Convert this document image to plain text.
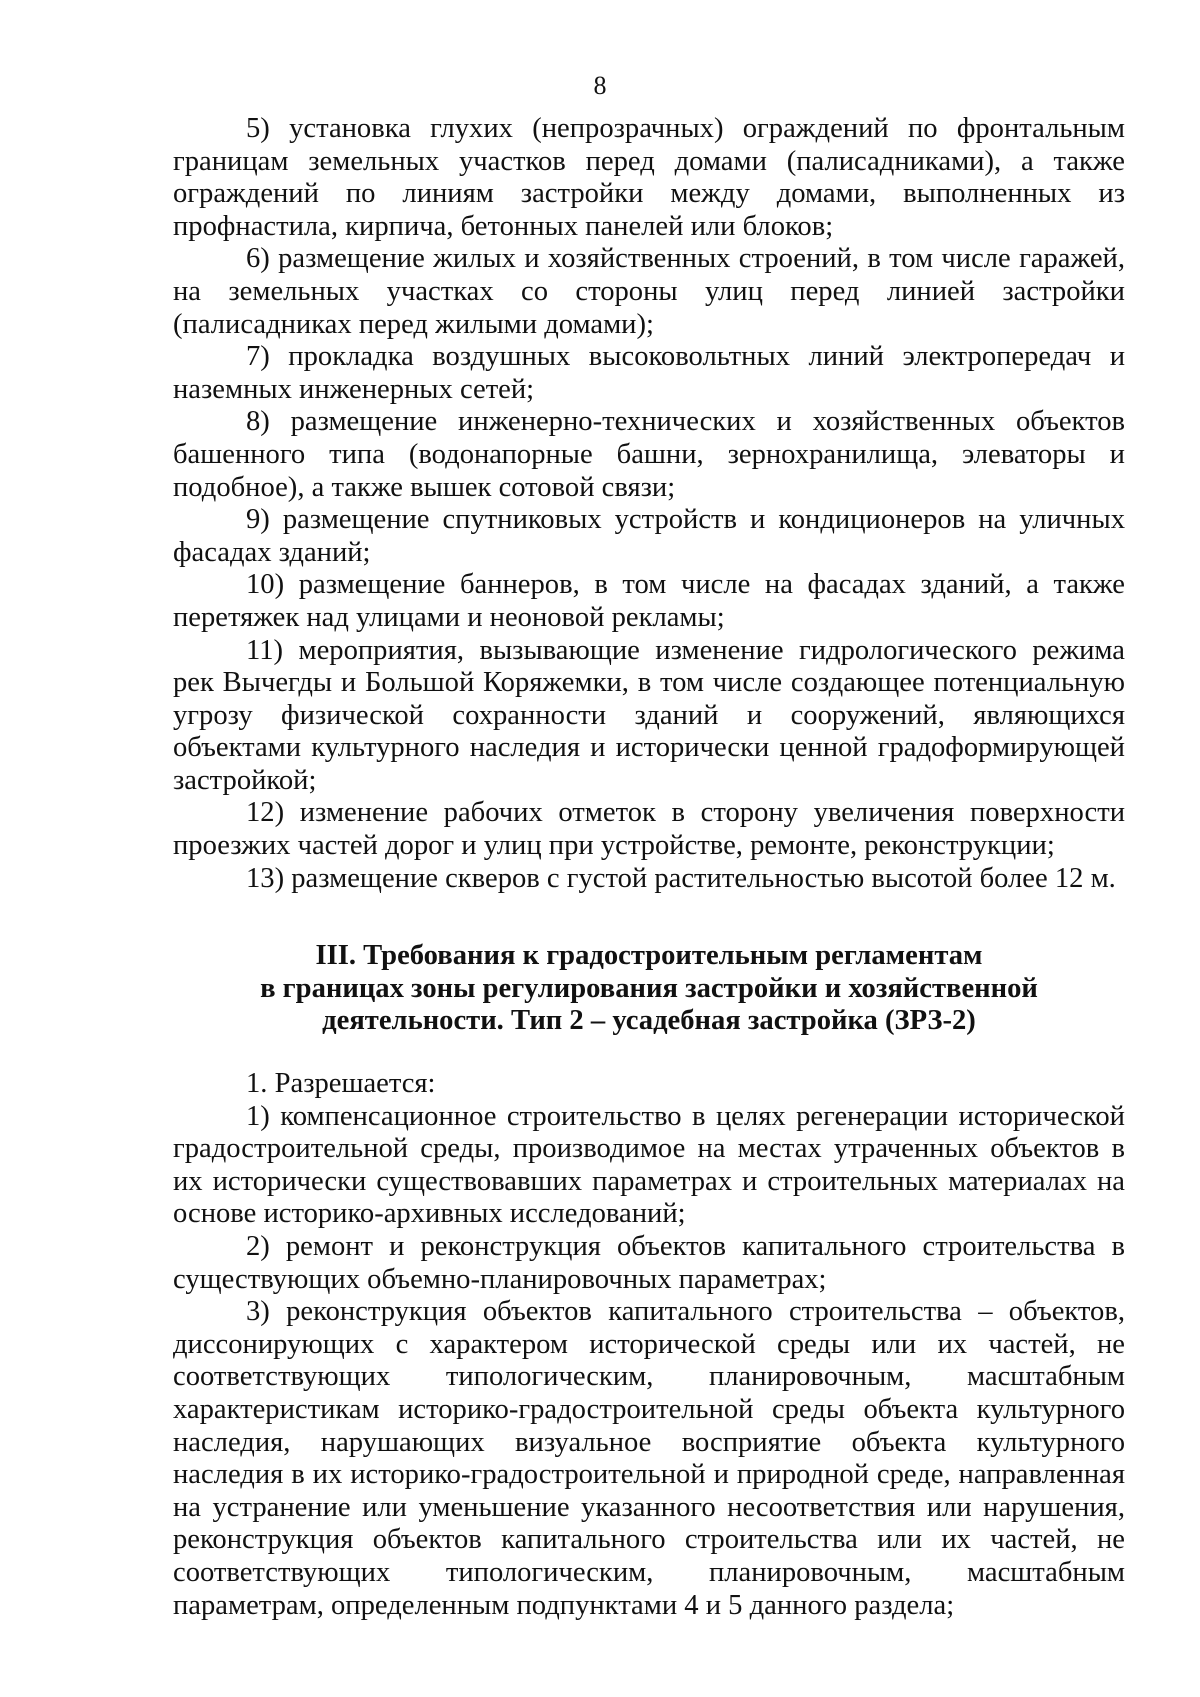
8

5) установка глухих (непрозрачных) ограждений по фронтальным границам земельных участков перед домами (палисадниками), а также ограждений по линиям застройки между домами, выполненных из профнастила, кирпича, бетонных панелей или блоков;

6) размещение жилых и хозяйственных строений, в том числе гаражей, на земельных участках со стороны улиц перед линией застройки (палисадниках перед жилыми домами);

7) прокладка воздушных высоковольтных линий электропередач и наземных инженерных сетей;

8) размещение инженерно-технических и хозяйственных объектов башенного типа (водонапорные башни, зернохранилища, элеваторы и подобное), а также вышек сотовой связи;

9) размещение спутниковых устройств и кондиционеров на уличных фасадах зданий;

10) размещение баннеров, в том числе на фасадах зданий, а также перетяжек над улицами и неоновой рекламы;

11) мероприятия, вызывающие изменение гидрологического режима рек Вычегды и Большой Коряжемки, в том числе создающее потенциальную угрозу физической сохранности зданий и сооружений, являющихся объектами культурного наследия и исторически ценной градоформирующей застройкой;

12) изменение рабочих отметок в сторону увеличения поверхности проезжих частей дорог и улиц при устройстве, ремонте, реконструкции;

13) размещение скверов с густой растительностью высотой более 12 м.

III. Требования к градостроительным регламентам
в границах зоны регулирования застройки и хозяйственной
деятельности. Тип 2 – усадебная застройка (ЗРЗ-2)

1. Разрешается:

1) компенсационное строительство в целях регенерации исторической градостроительной среды, производимое на местах утраченных объектов в их исторически существовавших параметрах и строительных материалах на основе историко-архивных исследований;

2) ремонт и реконструкция объектов капитального строительства в существующих объемно-планировочных параметрах;

3) реконструкция объектов капитального строительства – объектов, диссонирующих с характером исторической среды или их частей, не соответствующих типологическим, планировочным, масштабным характеристикам историко-градостроительной среды объекта культурного наследия, нарушающих визуальное восприятие объекта культурного наследия в их историко-градостроительной и природной среде, направленная на устранение или уменьшение указанного несоответствия или нарушения, реконструкция объектов капитального строительства или их частей, не соответствующих типологическим, планировочным, масштабным параметрам, определенным подпунктами 4 и 5 данного раздела;
